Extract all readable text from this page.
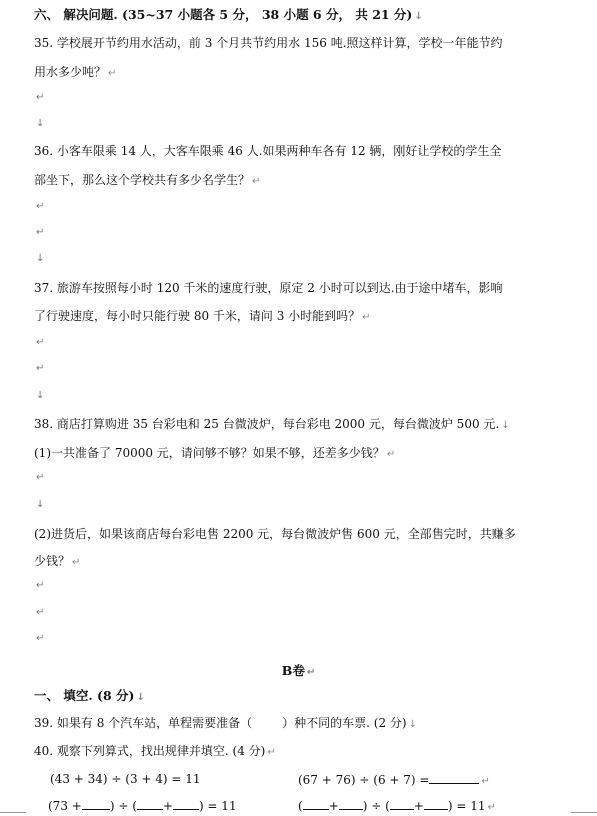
六、 解决问题. (35~37 小题各 5 分， 38 小题 6 分， 共 21 分) ↓
35. 学校展开节约用水活动，前 3 个月共节约用水 156 吨.照这样计算，学校一年能节约
用水多少吨？ ↵
↵
↓
36. 小客车限乘 14 人，大客车限乘 46 人.如果两种车各有 12 辆，刚好让学校的学生全
部坐下，那么这个学校共有多少名学生？ ↵
↵
↵
↓
37. 旅游车按照每小时 120 千米的速度行驶，原定 2 小时可以到达.由于途中堵车，影响
了行驶速度，每小时只能行驶 80 千米，请问 3 小时能到吗？ ↵
↵
↵
↓
38. 商店打算购进 35 台彩电和 25 台微波炉，每台彩电 2000 元，每台微波炉 500 元. ↓
(1)一共准备了 70000 元，请问够不够？如果不够，还差多少钱？ ↵
↵
↓
(2)进货后，如果该商店每台彩电售 2200 元，每台微波炉售 600 元，全部售完时，共赚多
少钱？ ↵
↵
↵
↵
B卷 ↵
一、 填空. (8 分) ↓
39. 如果有 8 个汽车站，单程需要准备（	）种不同的车票. (2 分) ↓
40. 观察下列算式，找出规律并填空. (4 分) ↵
(43 + 34) ÷ (3 + 4) = 11	(67 + 76) ÷ (6 + 7) =	↵
(73 + ) ÷ ( + ) = 11	( + ) ÷ ( + ) = 11 ↵
